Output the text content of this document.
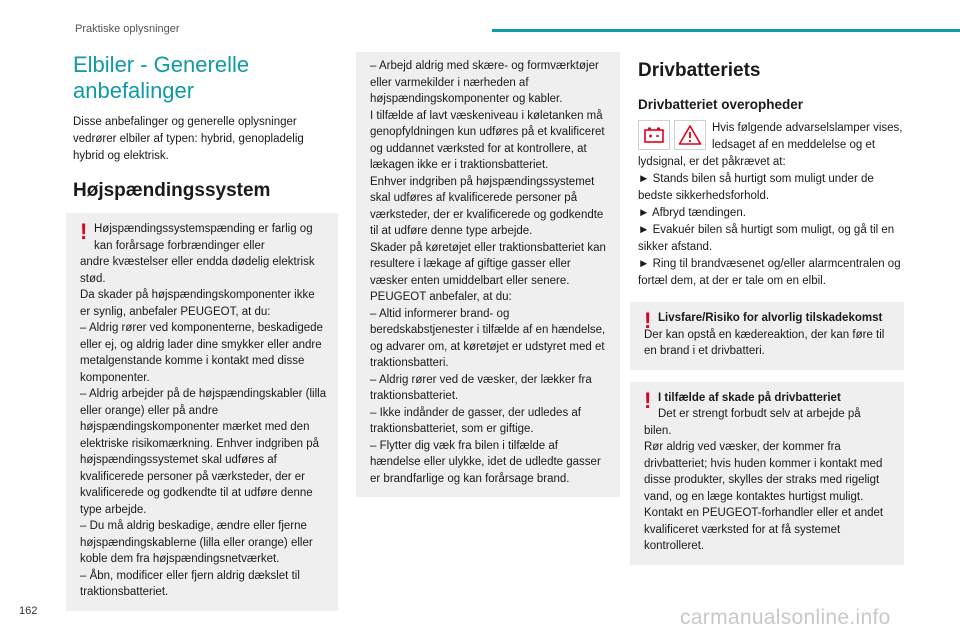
Praktiske oplysninger
Elbiler - Generelle
anbefalinger

Disse anbefalinger og generelle oplysninger vedrører elbiler af typen: hybrid, genopladelig hybrid og elektrisk.

Højspændingssystem
! Højspændingssystemspænding er farlig og kan forårsage forbrændinger eller

andre kvæstelser eller endda dødelig elektrisk stød.

Da skader på højspændingskomponenter ikke er synlig, anbefaler PEUGEOT, at du:

– Aldrig rører ved komponenterne, beskadigede eller ej, og aldrig lader dine smykker eller andre metalgenstande komme i kontakt med disse komponenter.

– Aldrig arbejder på de højspændingskabler (lilla eller orange) eller på andre højspændingskomponenter mærket med den elektriske risikomærkning. Enhver indgriben på højspændingssystemet skal udføres af kvalificerede personer på værksteder, der er kvalificerede og godkendte til at udføre denne type arbejde.

– Du må aldrig beskadige, ændre eller fjerne højspændingskablerne (lilla eller orange) eller koble dem fra højspændingsnetværket.

– Åbn, modificer eller fjern aldrig dækslet til traktionsbatteriet.

– Arbejd aldrig med skære- og formværktøjer eller varmekilder i nærheden af højspændingskomponenter og kabler.

I tilfælde af lavt væskeniveau i køletanken må genopfyldningen kun udføres på et kvalificeret og uddannet værksted for at kontrollere, at lækagen ikke er i traktionsbatteriet.

Enhver indgriben på højspændingssystemet skal udføres af kvalificerede personer på værksteder, der er kvalificerede og godkendte til at udføre denne type arbejde.

Skader på køretøjet eller traktionsbatteriet kan resultere i lækage af giftige gasser eller væsker enten umiddelbart eller senere.

PEUGEOT anbefaler, at du:

– Altid informerer brand- og beredskabstjenester i tilfælde af en hændelse, og advarer om, at køretøjet er udstyret med et traktionsbatteri.

– Aldrig rører ved de væsker, der lækker fra traktionsbatteriet.

– Ikke indånder de gasser, der udledes af traktionsbatteriet, som er giftige.

– Flytter dig væk fra bilen i tilfælde af hændelse eller ulykke, idet de udledte gasser er brandfarlige og kan forårsage brand.

Drivbatteriets
Drivbatteriet overopheder

Hvis følgende advarselslamper vises, ledsaget af en meddelelse og et lydsignal, er det påkrævet at:

► Stands bilen så hurtigt som muligt under de bedste sikkerhedsforhold.

► Afbryd tændingen.

► Evakuér bilen så hurtigt som muligt, og gå til en sikker afstand.

► Ring til brandvæsenet og/eller alarmcentralen og fortæl dem, at der er tale om en elbil.

! Livsfare/Risiko for alvorlig tilskadekomst

Der kan opstå en kædereaktion, der kan føre til en brand i et drivbatteri.

! I tilfælde af skade på drivbatteriet

Det er strengt forbudt selv at arbejde på

bilen.

Rør aldrig ved væsker, der kommer fra drivbatteriet; hvis huden kommer i kontakt med disse produkter, skylles der straks med rigeligt vand, og en læge kontaktes hurtigst muligt.

Kontakt en PEUGEOT-forhandler eller et andet kvalificeret værksted for at få systemet kontrolleret.

162	carmanualsonline.info
